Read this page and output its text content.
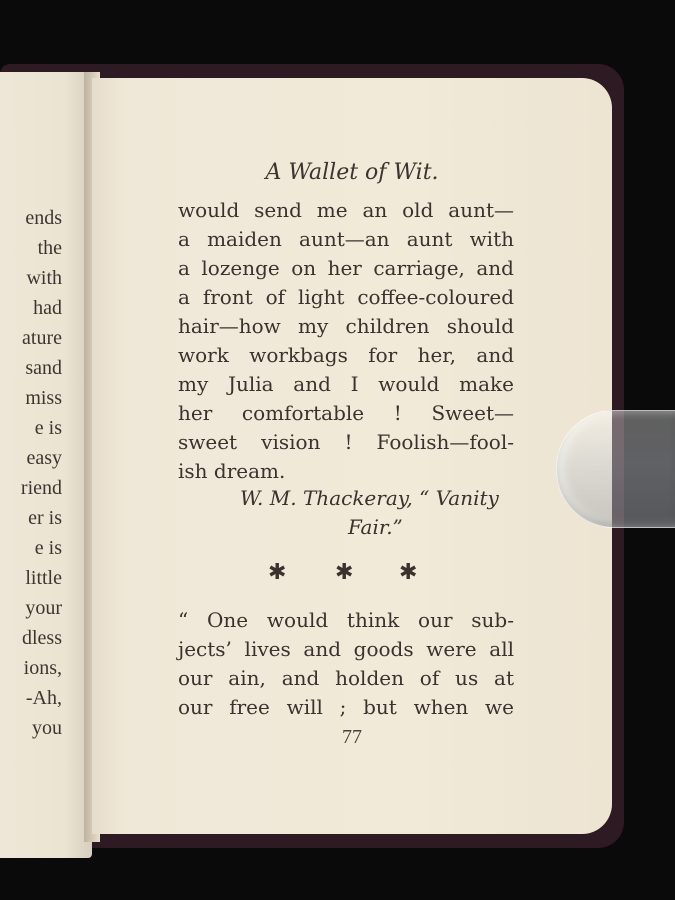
ends
the
with
had
ature
sand
miss
e is
easy
riend
er is
e is
little
your
dless
ions,
-Ah,
you
A Wallet of Wit.
would send me an old aunt—
a maiden aunt—an aunt with
a lozenge on her carriage, and
a front of light coffee-coloured
hair—how my children should
work workbags for her, and
my Julia and I would make
her comfortable ! Sweet—
sweet vision ! Foolish—fool-
ish dream.
W. M. Thackeray, “ Vanity
Fair.”
✱ ✱ ✱
“ One would think our sub-
jects’ lives and goods were all
our ain, and holden of us at
our free will ; but when we
77
